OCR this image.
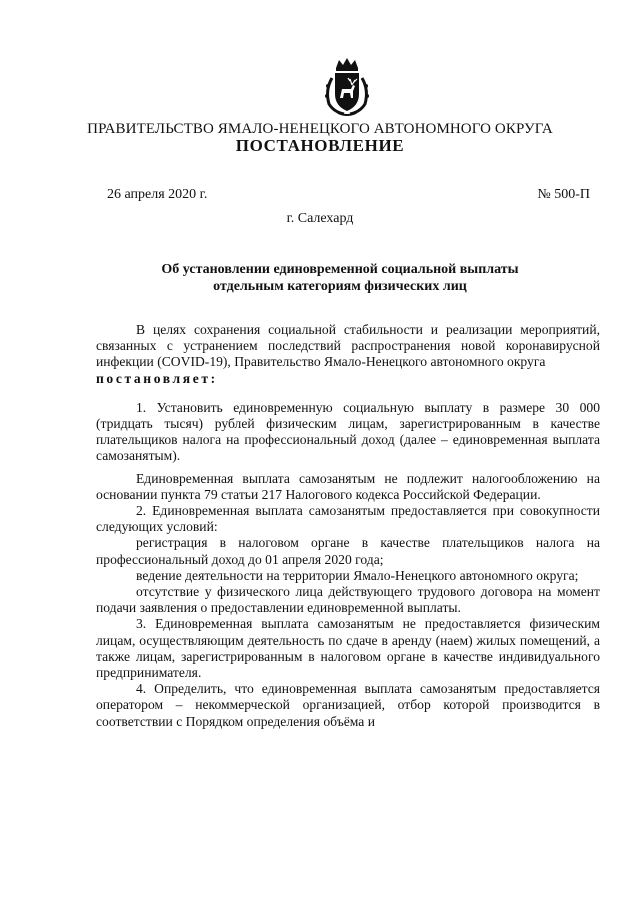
ПРАВИТЕЛЬСТВО ЯМАЛО-НЕНЕЦКОГО АВТОНОМНОГО ОКРУГА
ПОСТАНОВЛЕНИЕ
26 апреля 2020 г.	№ 500-П
г. Салехард
Об установлении единовременной социальной выплаты
отдельным категориям физических лиц

В целях сохранения социальной стабильности и реализации мероприятий, связанных с устранением последствий распространения новой коронавирусной инфекции (COVID-19), Правительство Ямало-Ненецкого автономного округа

постановляет:

1. Установить единовременную социальную выплату в размере 30 000 (тридцать тысяч) рублей физическим лицам, зарегистрированным в качестве плательщиков налога на профессиональный доход (далее – единовременная выплата самозанятым).

Единовременная выплата самозанятым не подлежит налогообложению на основании пункта 79 статьи 217 Налогового кодекса Российской Федерации.

2. Единовременная выплата самозанятым предоставляется при совокупности следующих условий:

регистрация в налоговом органе в качестве плательщиков налога на профессиональный доход до 01 апреля 2020 года;

ведение деятельности на территории Ямало-Ненецкого автономного округа;

отсутствие у физического лица действующего трудового договора на момент подачи заявления о предоставлении единовременной выплаты.

3. Единовременная выплата самозанятым не предоставляется физическим лицам, осуществляющим деятельность по сдаче в аренду (наем) жилых помещений, а также лицам, зарегистрированным в налоговом органе в качестве индивидуального предпринимателя.

4. Определить, что единовременная выплата самозанятым предоставляется оператором – некоммерческой организацией, отбор которой производится в соответствии с Порядком определения объёма и
